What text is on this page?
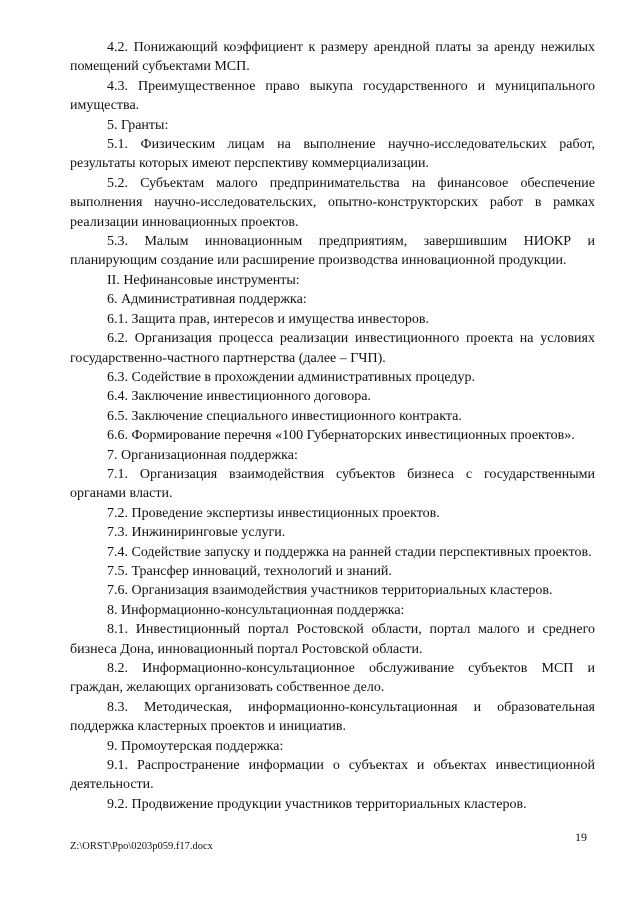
4.2. Понижающий коэффициент к размеру арендной платы за аренду нежилых помещений субъектами МСП.

4.3. Преимущественное право выкупа государственного и муниципального имущества.

5. Гранты:

5.1. Физическим лицам на выполнение научно-исследовательских работ, результаты которых имеют перспективу коммерциализации.

5.2. Субъектам малого предпринимательства на финансовое обеспечение выполнения научно-исследовательских, опытно-конструкторских работ в рамках реализации инновационных проектов.

5.3. Малым инновационным предприятиям, завершившим НИОКР и планирующим создание или расширение производства инновационной продукции.

II. Нефинансовые инструменты:

6. Административная поддержка:

6.1. Защита прав, интересов и имущества инвесторов.

6.2. Организация процесса реализации инвестиционного проекта на условиях государственно-частного партнерства (далее – ГЧП).

6.3. Содействие в прохождении административных процедур.

6.4. Заключение инвестиционного договора.

6.5. Заключение специального инвестиционного контракта.

6.6. Формирование перечня «100 Губернаторских инвестиционных проектов».

7. Организационная поддержка:

7.1. Организация взаимодействия субъектов бизнеса с государственными органами власти.

7.2. Проведение экспертизы инвестиционных проектов.

7.3. Инжиниринговые услуги.

7.4. Содействие запуску и поддержка на ранней стадии перспективных проектов.

7.5. Трансфер инноваций, технологий и знаний.

7.6. Организация взаимодействия участников территориальных кластеров.

8. Информационно-консультационная поддержка:

8.1. Инвестиционный портал Ростовской области, портал малого и среднего бизнеса Дона, инновационный портал Ростовской области.

8.2. Информационно-консультационное обслуживание субъектов МСП и граждан, желающих организовать собственное дело.

8.3. Методическая, информационно-консультационная и образовательная поддержка кластерных проектов и инициатив.

9. Промоутерская поддержка:

9.1. Распространение информации о субъектах и объектах инвестиционной деятельности.

9.2. Продвижение продукции участников территориальных кластеров.

19
Z:\ORST\Ppo\0203p059.f17.docx
